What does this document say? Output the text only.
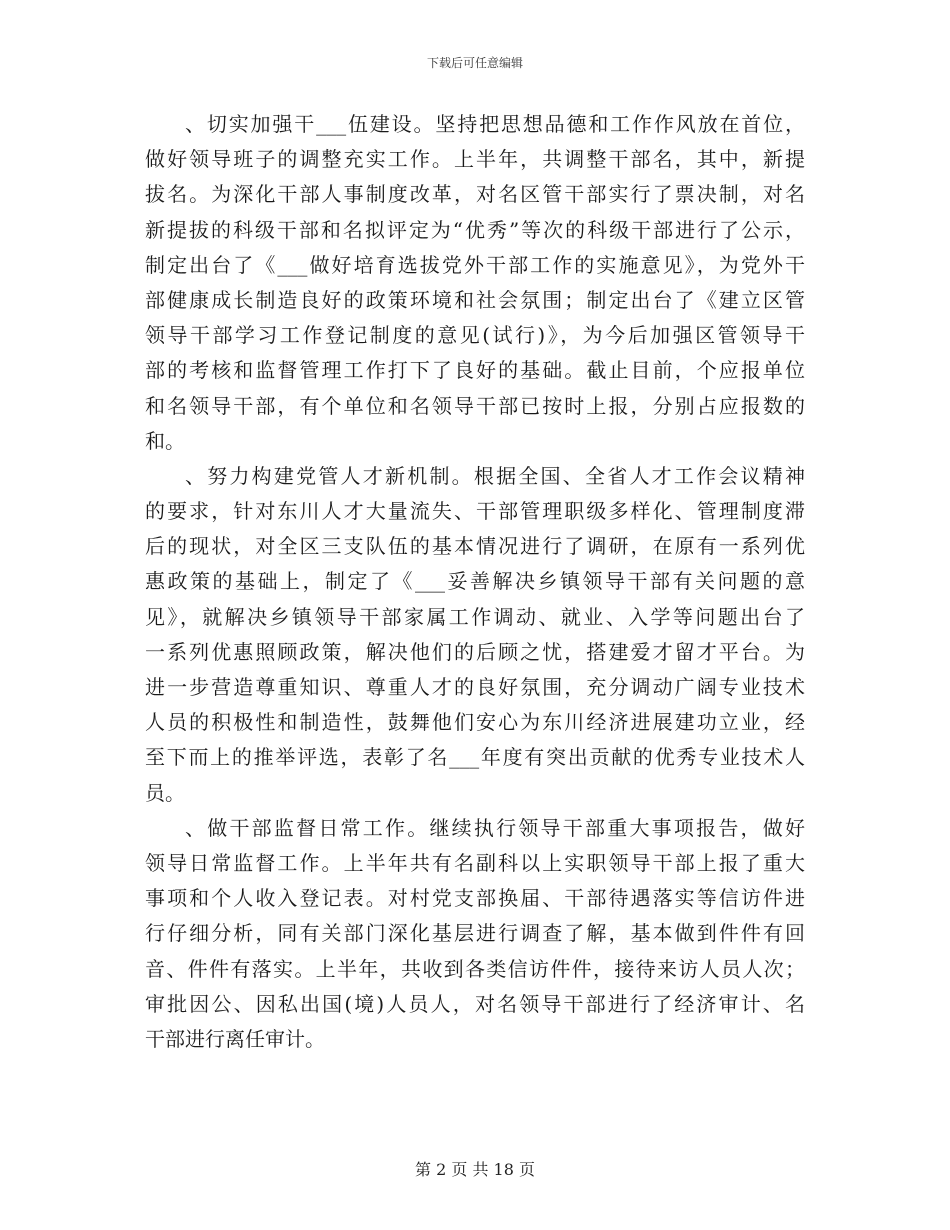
下载后可任意编辑
、切实加强干___伍建设。坚持把思想品德和工作作风放在首位，
做好领导班子的调整充实工作。上半年，共调整干部名，其中，新提
拔名。为深化干部人事制度改革，对名区管干部实行了票决制，对名
新提拔的科级干部和名拟评定为“优秀”等次的科级干部进行了公示，
制定出台了《___做好培育选拔党外干部工作的实施意见》，为党外干
部健康成长制造良好的政策环境和社会氛围；制定出台了《建立区管
领导干部学习工作登记制度的意见(试行)》，为今后加强区管领导干
部的考核和监督管理工作打下了良好的基础。截止目前，个应报单位
和名领导干部，有个单位和名领导干部已按时上报，分别占应报数的
和。
、努力构建党管人才新机制。根据全国、全省人才工作会议精神
的要求，针对东川人才大量流失、干部管理职级多样化、管理制度滞
后的现状，对全区三支队伍的基本情况进行了调研，在原有一系列优
惠政策的基础上，制定了《___妥善解决乡镇领导干部有关问题的意
见》，就解决乡镇领导干部家属工作调动、就业、入学等问题出台了
一系列优惠照顾政策，解决他们的后顾之忧，搭建爱才留才平台。为
进一步营造尊重知识、尊重人才的良好氛围，充分调动广阔专业技术
人员的积极性和制造性，鼓舞他们安心为东川经济进展建功立业，经
至下而上的推举评选，表彰了名___年度有突出贡献的优秀专业技术人
员。
、做干部监督日常工作。继续执行领导干部重大事项报告，做好
领导日常监督工作。上半年共有名副科以上实职领导干部上报了重大
事项和个人收入登记表。对村党支部换届、干部待遇落实等信访件进
行仔细分析，同有关部门深化基层进行调查了解，基本做到件件有回
音、件件有落实。上半年，共收到各类信访件件，接待来访人员人次；
审批因公、因私出国(境)人员人，对名领导干部进行了经济审计、名
干部进行离任审计。
第 2 页 共 18 页
